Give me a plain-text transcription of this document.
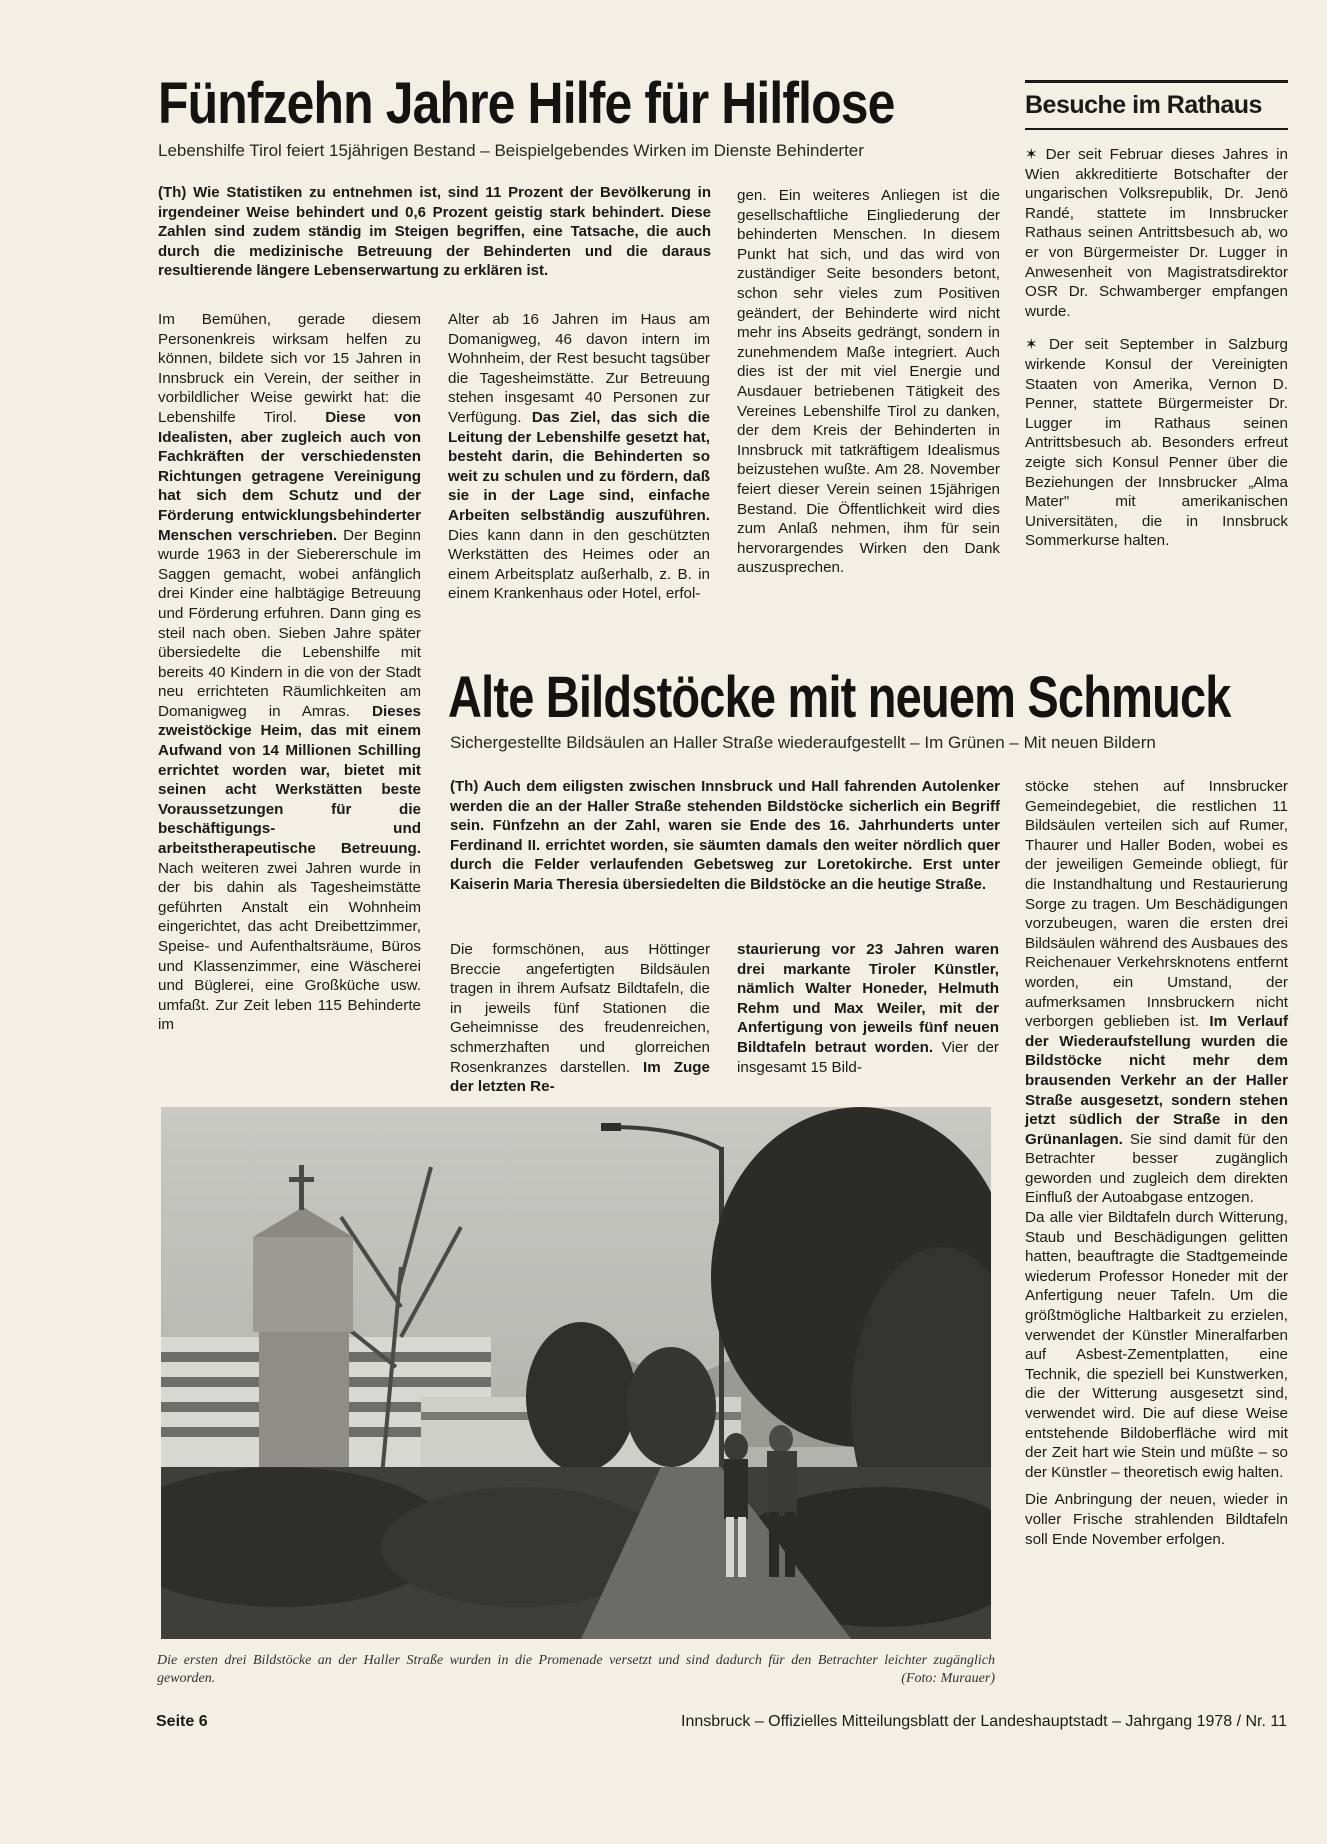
Fünfzehn Jahre Hilfe für Hilflose
Lebenshilfe Tirol feiert 15jährigen Bestand – Beispielgebendes Wirken im Dienste Behinderter
(Th) Wie Statistiken zu entnehmen ist, sind 11 Prozent der Bevölkerung in irgendeiner Weise behindert und 0,6 Prozent geistig stark behindert. Diese Zahlen sind zudem ständig im Steigen begriffen, eine Tatsache, die auch durch die medizinische Betreuung der Behinderten und die daraus resultierende längere Lebenserwartung zu erklären ist.
Im Bemühen, gerade diesem Personenkreis wirksam helfen zu können, bildete sich vor 15 Jahren in Innsbruck ein Verein, der seither in vorbildlicher Weise gewirkt hat: die Lebenshilfe Tirol. Diese von Idealisten, aber zugleich auch von Fachkräften der verschiedensten Richtungen getragene Vereinigung hat sich dem Schutz und der Förderung entwicklungsbehinderter Menschen verschrieben. Der Beginn wurde 1963 in der Siebererschule im Saggen gemacht, wobei anfänglich drei Kinder eine halbtägige Betreuung und Förderung erfuhren. Dann ging es steil nach oben. Sieben Jahre später übersiedelte die Lebenshilfe mit bereits 40 Kindern in die von der Stadt neu errichteten Räumlichkeiten am Domanigweg in Amras. Dieses zweistöckige Heim, das mit einem Aufwand von 14 Millionen Schilling errichtet worden war, bietet mit seinen acht Werkstätten beste Voraussetzungen für die beschäftigungs- und arbeitstherapeutische Betreuung. Nach weiteren zwei Jahren wurde in der bis dahin als Tagesheimstätte geführten Anstalt ein Wohnheim eingerichtet, das acht Dreibettzimmer, Speise- und Aufenthaltsräume, Büros und Klassenzimmer, eine Wäscherei und Büglerei, eine Großküche usw. umfaßt. Zur Zeit leben 115 Behinderte im
Alter ab 16 Jahren im Haus am Domanigweg, 46 davon intern im Wohnheim, der Rest besucht tagsüber die Tagesheimstätte. Zur Betreuung stehen insgesamt 40 Personen zur Verfügung. Das Ziel, das sich die Leitung der Lebenshilfe gesetzt hat, besteht darin, die Behinderten so weit zu schulen und zu fördern, daß sie in der Lage sind, einfache Arbeiten selbständig auszuführen. Dies kann dann in den geschützten Werkstätten des Heimes oder an einem Arbeitsplatz außerhalb, z. B. in einem Krankenhaus oder Hotel, erfol-
gen. Ein weiteres Anliegen ist die gesellschaftliche Eingliederung der behinderten Menschen. In diesem Punkt hat sich, und das wird von zuständiger Seite besonders betont, schon sehr vieles zum Positiven geändert, der Behinderte wird nicht mehr ins Abseits gedrängt, sondern in zunehmendem Maße integriert. Auch dies ist der mit viel Energie und Ausdauer betriebenen Tätigkeit des Vereines Lebenshilfe Tirol zu danken, der dem Kreis der Behinderten in Innsbruck mit tatkräftigem Idealismus beizustehen wußte. Am 28. November feiert dieser Verein seinen 15jährigen Bestand. Die Öffentlichkeit wird dies zum Anlaß nehmen, ihm für sein hervorargendes Wirken den Dank auszusprechen.
Besuche im Rathaus

✶ Der seit Februar dieses Jahres in Wien akkreditierte Botschafter der ungarischen Volksrepublik, Dr. Jenö Randé, stattete im Innsbrucker Rathaus seinen Antrittsbesuch ab, wo er von Bürgermeister Dr. Lugger in Anwesenheit von Magistratsdirektor OSR Dr. Schwamberger empfangen wurde.

✶ Der seit September in Salzburg wirkende Konsul der Vereinigten Staaten von Amerika, Vernon D. Penner, stattete Bürgermeister Dr. Lugger im Rathaus seinen Antrittsbesuch ab. Besonders erfreut zeigte sich Konsul Penner über die Beziehungen der Innsbrucker „Alma Mater" mit amerikanischen Universitäten, die in Innsbruck Sommerkurse halten.

Alte Bildstöcke mit neuem Schmuck
Sichergestellte Bildsäulen an Haller Straße wiederaufgestellt – Im Grünen – Mit neuen Bildern
(Th) Auch dem eiligsten zwischen Innsbruck und Hall fahrenden Autolenker werden die an der Haller Straße stehenden Bildstöcke sicherlich ein Begriff sein. Fünfzehn an der Zahl, waren sie Ende des 16. Jahrhunderts unter Ferdinand II. errichtet worden, sie säumten damals den weiter nördlich quer durch die Felder verlaufenden Gebetsweg zur Loretokirche. Erst unter Kaiserin Maria Theresia übersiedelten die Bildstöcke an die heutige Straße.
Die formschönen, aus Höttinger Breccie angefertigten Bildsäulen tragen in ihrem Aufsatz Bildtafeln, die in jeweils fünf Stationen die Geheimnisse des freudenreichen, schmerzhaften und glorreichen Rosenkranzes darstellen. Im Zuge der letzten Re-
staurierung vor 23 Jahren waren drei markante Tiroler Künstler, nämlich Walter Honeder, Helmuth Rehm und Max Weiler, mit der Anfertigung von jeweils fünf neuen Bildtafeln betraut worden. Vier der insgesamt 15 Bild-
stöcke stehen auf Innsbrucker Gemeindegebiet, die restlichen 11 Bildsäulen verteilen sich auf Rumer, Thaurer und Haller Boden, wobei es der jeweiligen Gemeinde obliegt, für die Instandhaltung und Restaurierung Sorge zu tragen. Um Beschädigungen vorzubeugen, waren die ersten drei Bildsäulen während des Ausbaues des Reichenauer Verkehrsknotens entfernt worden, ein Umstand, der aufmerksamen Innsbruckern nicht verborgen geblieben ist. Im Verlauf der Wiederaufstellung wurden die Bildstöcke nicht mehr dem brausenden Verkehr an der Haller Straße ausgesetzt, sondern stehen jetzt südlich der Straße in den Grünanlagen. Sie sind damit für den Betrachter besser zugänglich geworden und zugleich dem direkten Einfluß der Autoabgase entzogen.

Da alle vier Bildtafeln durch Witterung, Staub und Beschädigungen gelitten hatten, beauftragte die Stadtgemeinde wiederum Professor Honeder mit der Anfertigung neuer Tafeln. Um die größtmögliche Haltbarkeit zu erzielen, verwendet der Künstler Mineralfarben auf Asbest-Zementplatten, eine Technik, die speziell bei Kunstwerken, die der Witterung ausgesetzt sind, verwendet wird. Die auf diese Weise entstehende Bildoberfläche wird mit der Zeit hart wie Stein und müßte – so der Künstler – theoretisch ewig halten.

Die Anbringung der neuen, wieder in voller Frische strahlenden Bildtafeln soll Ende November erfolgen.

Die ersten drei Bildstöcke an der Haller Straße wurden in die Promenade versetzt und sind dadurch für den Betrachter leichter zugänglich geworden.	(Foto: Murauer)
Seite 6	Innsbruck – Offizielles Mitteilungsblatt der Landeshauptstadt – Jahrgang 1978 / Nr. 11
